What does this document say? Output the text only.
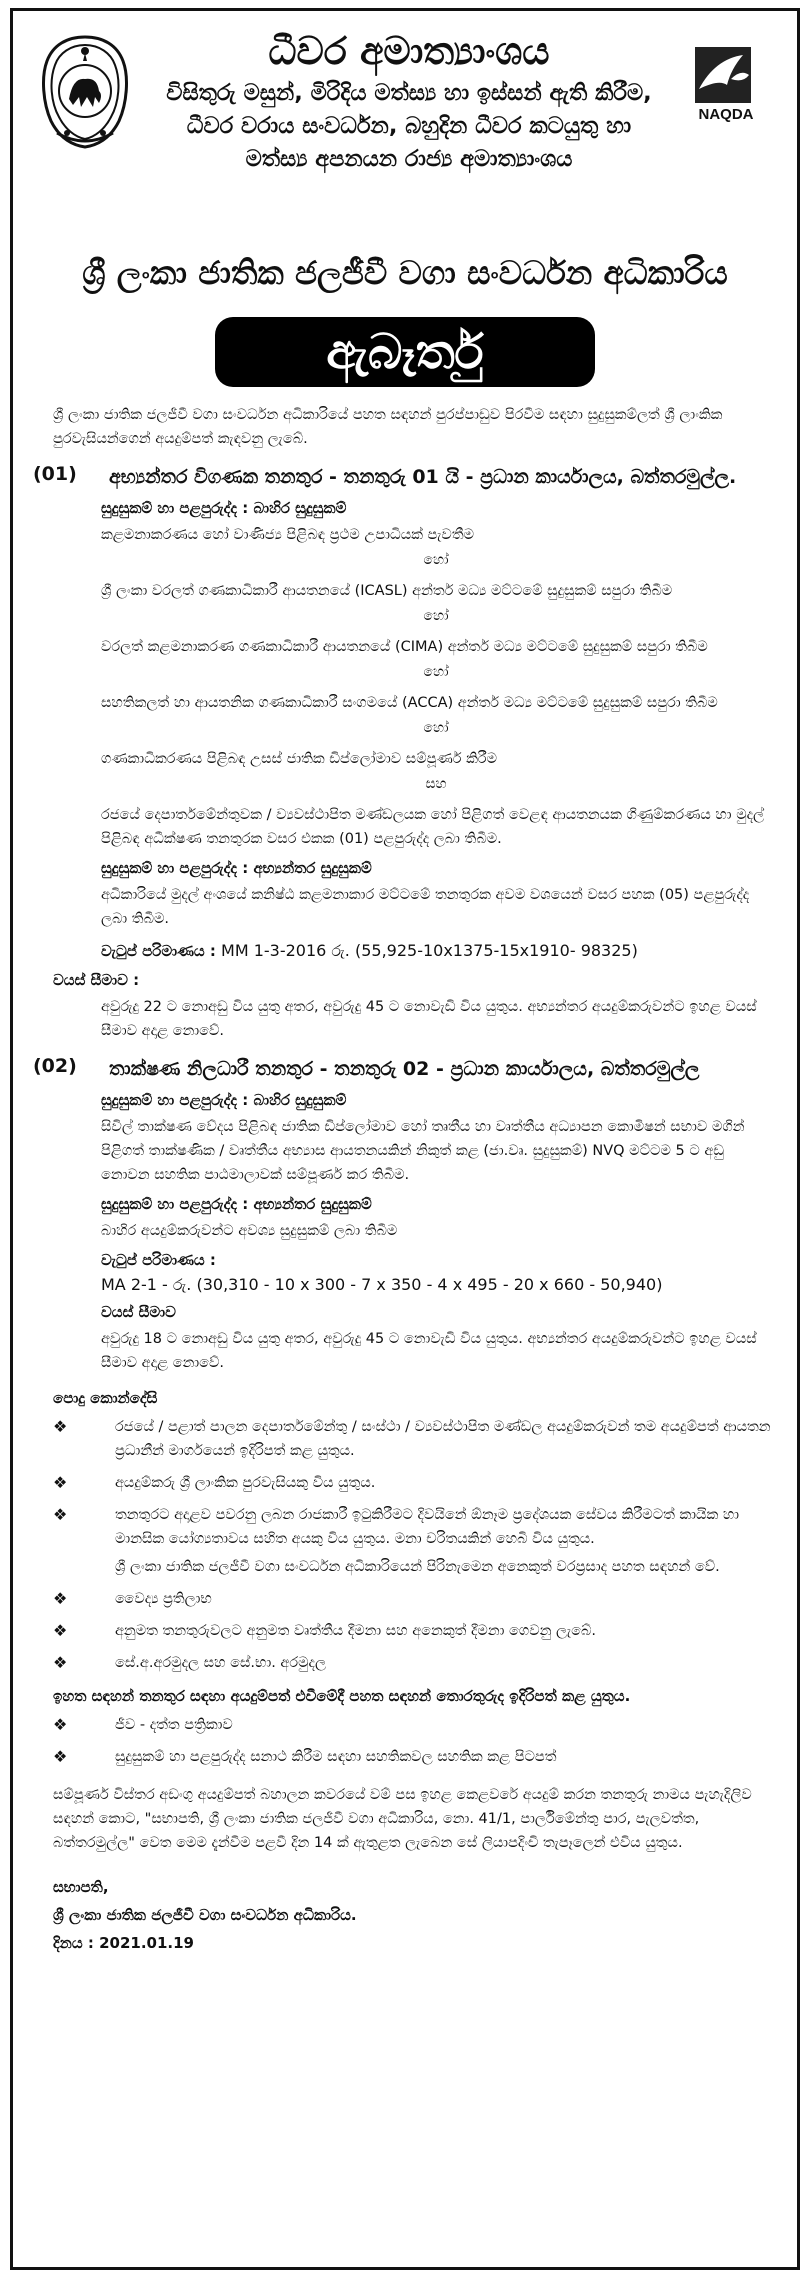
ධීවර අමාත්‍යාංශය
විසිතුරු මසුන්, මිරිදිය මත්ස්‍ය හා ඉස්සන් ඇති කිරීම,
ධීවර වරාය සංවර්ධන, බහුදින ධීවර කටයුතු හා
මත්ස්‍ය අපනයන රාජ්‍ය අමාත්‍යාංශය
NAQDA
ශ්‍රී ලංකා ජාතික ජලජීවී වගා සංවර්ධන අධිකාරිය
ඇබෑර්තු
ශ්‍රී ලංකා ජාතික ජලජීවී වගා සංවර්ධන අධිකාරියේ පහත සඳහන් පුරප්පාඩුව පිරවීම සඳහා සුදුසුකම්ලත් ශ්‍රී ලාංකික පුරවැසියන්ගෙන් අයදුම්පත් කැඳවනු ලැබේ.
(01)	අභ්‍යන්තර විගණක තනතුර - තනතුරු 01 යි - ප්‍රධාන කාර්යාලය, බත්තරමුල්ල.
සුදුසුකම් හා පළපුරුද්ද : බාහිර සුදුසුකම්
කළමනාකරණය හෝ වාණිජ්‍ය පිළිබඳ ප්‍රථම උපාධියක් පැවතීම
හෝ
ශ්‍රී ලංකා වරලත් ගණකාධිකාරී ආයතනයේ (ICASL) අන්තර් මධ්‍ය මට්ටමේ සුදුසුකම් සපුරා තිබීම
හෝ
වරලත් කළමනාකරණ ගණකාධිකාරී ආයතනයේ (CIMA) අන්තර් මධ්‍ය මට්ටමේ සුදුසුකම් සපුරා තිබීම
හෝ
සහතිකලත් හා ආයතනික ගණකාධිකාරී සංගමයේ (ACCA) අන්තර් මධ්‍ය මට්ටමේ සුදුසුකම් සපුරා තිබීම
හෝ
ගණකාධිකරණය පිළිබඳ උසස් ජාතික ඩිප්ලෝමාව සම්පූර්ණ කිරීම
සහ
රජයේ දෙපාර්තමේන්තුවක / ව්‍යවස්ථාපිත මණ්ඩලයක හෝ පිළිගත් වෙළඳ ආයතනයක ගිණුම්කරණය හා මුදල් පිළිබඳ අධීක්ෂණ තනතුරක වසර එකක (01) පළපුරුද්ද ලබා තිබීම.
සුදුසුකම් හා පළපුරුද්ද : අභ්‍යන්තර සුදුසුකම්
අධිකාරියේ මුදල් අංශයේ කනිෂ්ඨ කළමනාකාර මට්ටමේ තනතුරක අවම වශයෙන් වසර පහක (05) පළපුරුද්ද ලබා තිබීම.
වැටුප් පරිමාණය : MM 1-3-2016 රු. (55,925-10x1375-15x1910- 98325)
වයස් සීමාව :
අවුරුදු 22 ට නොඅඩු විය යුතු අතර, අවුරුදු 45 ට නොවැඩි විය යුතුය. අභ්‍යන්තර අයදුම්කරුවන්ට ඉහළ වයස් සීමාව අදාළ නොවේ.
(02)	තාක්ෂණ නිලධාරී තනතුර - තනතුරු 02 - ප්‍රධාන කාර්යාලය, බත්තරමුල්ල
සුදුසුකම් හා පළපුරුද්ද : බාහිර සුදුසුකම්
සිවිල් තාක්ෂණ වේදය පිළිබඳ ජාතික ඩිප්ලෝමාව හෝ තෘතීය හා වෘත්තීය අධ්‍යාපන කොමිෂන් සභාව මගින් පිළිගත් තාක්ෂණික / වෘත්තීය අභ්‍යාස ආයතනයකින් නිකුත් කළ (ජා.වෘ. සුදුසුකම්) NVQ මට්ටම 5 ට අඩු නොවන සහතික පාඨමාලාවක් සම්පූර්ණ කර තිබීම.
සුදුසුකම් හා පළපුරුද්ද : අභ්‍යන්තර සුදුසුකම්
බාහිර අයදුම්කරුවන්ට අවශ්‍ය සුදුසුකම් ලබා තිබීම
වැටුප් පරිමාණය :
MA 2-1 - රු. (30,310 - 10 x 300 - 7 x 350 - 4 x 495 - 20 x 660 - 50,940)
වයස් සීමාව
අවුරුදු 18 ට නොඅඩු විය යුතු අතර, අවුරුදු 45 ට නොවැඩි විය යුතුය. අභ්‍යන්තර අයදුම්කරුවන්ට ඉහළ වයස් සීමාව අදාළ නොවේ.
පොදු කොන්දේසි
❖	රජයේ / පළාත් පාලන දෙපාර්තමේන්තු / සංස්ථා / ව්‍යවස්ථාපිත මණ්ඩල අයදුම්කරුවන් තම අයදුම්පත් ආයතන ප්‍රධානීන් මාර්ගයෙන් ඉදිරිපත් කළ යුතුය.
❖	අයදුම්කරු ශ්‍රී ලාංකික පුරවැසියකු විය යුතුය.
❖	තනතුරට අදාළව පවරනු ලබන රාජකාරී ඉටුකිරීමට දිවයිනේ ඕනෑම ප්‍රදේශයක සේවය කිරීමටත් කායික හා මානසික යෝග්‍යතාවය සහිත අයකු විය යුතුය. මනා චරිතයකින් හෙබි විය යුතුය.
ශ්‍රී ලංකා ජාතික ජලජීවී වගා සංවර්ධන අධිකාරියෙන් පිරිනැමෙන අනෙකුත් වරප්‍රසාද පහත සඳහන් වේ.
❖	වෛද්‍ය ප්‍රතිලාභ
❖	අනුමත තනතුරුවලට අනුමත වෘත්තීය දීමනා සහ අනෙකුත් දීමනා ගෙවනු ලැබේ.
❖	සේ.අ.අරමුදල සහ සේ.භා. අරමුදල
ඉහත සඳහන් තනතුර සඳහා අයදුම්පත් එවීමේදී පහත සඳහන් තොරතුරුද ඉදිරිපත් කළ යුතුය.
❖	ජීව - දත්ත පත්‍රිකාව
❖	සුදුසුකම් හා පළපුරුද්ද සනාථ කිරීම සඳහා සහතිකවල සහතික කළ පිටපත්
සම්පූර්ණ විස්තර අඩංගු අයදුම්පත් බහාලන කවරයේ වම් පස ඉහළ කෙළවරේ අයදුම් කරන තනතුරු නාමය පැහැදිලිව සඳහන් කොට, "සභාපති, ශ්‍රී ලංකා ජාතික ජලජීවී වගා අධිකාරිය, නො. 41/1, පාර්ලිමේන්තු පාර, පැලවත්ත, බත්තරමුල්ල" වෙත මෙම දැන්වීම පළවී දින 14 ක් ඇතුළත ලැබෙන සේ ලියාපදිංචි තැපෑලෙන් එවිය යුතුය.
සභාපති,
ශ්‍රී ලංකා ජාතික ජලජීවී වගා සංවර්ධන අධිකාරිය.
දිනය : 2021.01.19
